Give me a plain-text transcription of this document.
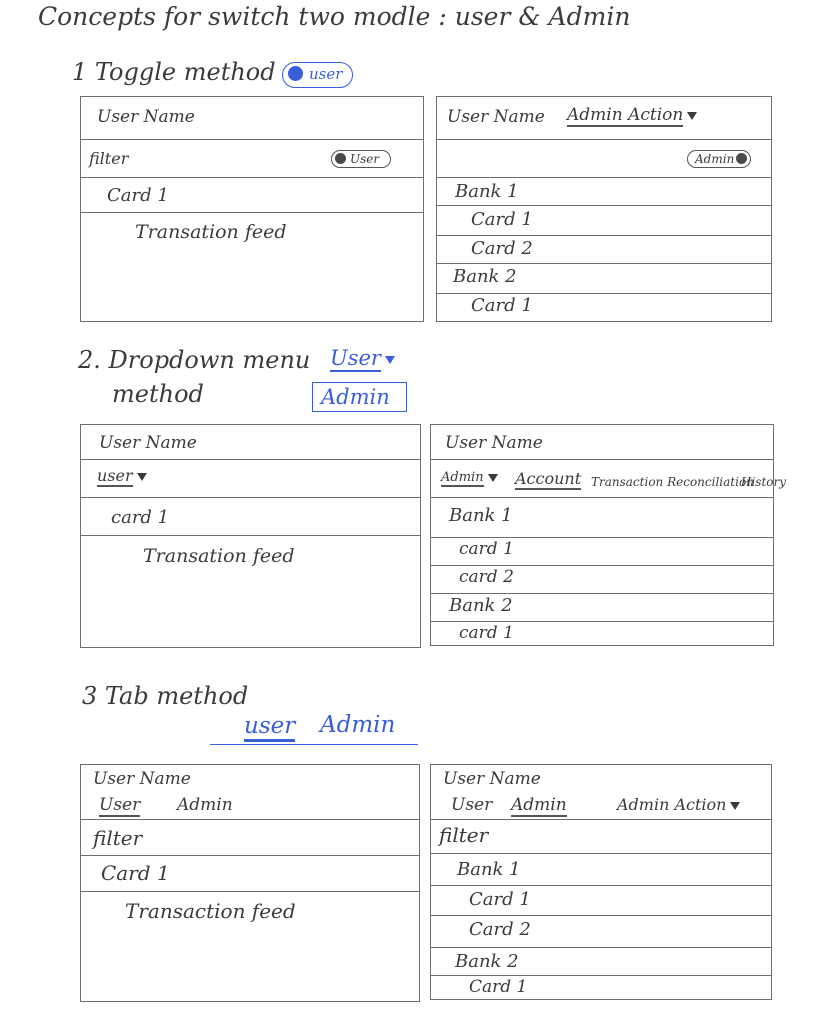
Concepts for switch two modle : user & Admin
1 Toggle method	user
User Name
filter	User
Card 1
Transation feed
User Name Admin Action
Admin
Bank 1
Card 1
Card 2
Bank 2
Card 1
2. Dropdown menu
method
User
Admin
User Name
user
card 1
Transation feed
User Name
Admin	Account Transaction Reconciliation
History
Bank 1
card 1
card 2
Bank 2
card 1
3 Tab method
user Admin
User Name
User Admin
filter
Card 1
Transaction feed
User Name
User Admin	Admin Action
filter
Bank 1
Card 1
Card 2
Bank 2
Card 1
